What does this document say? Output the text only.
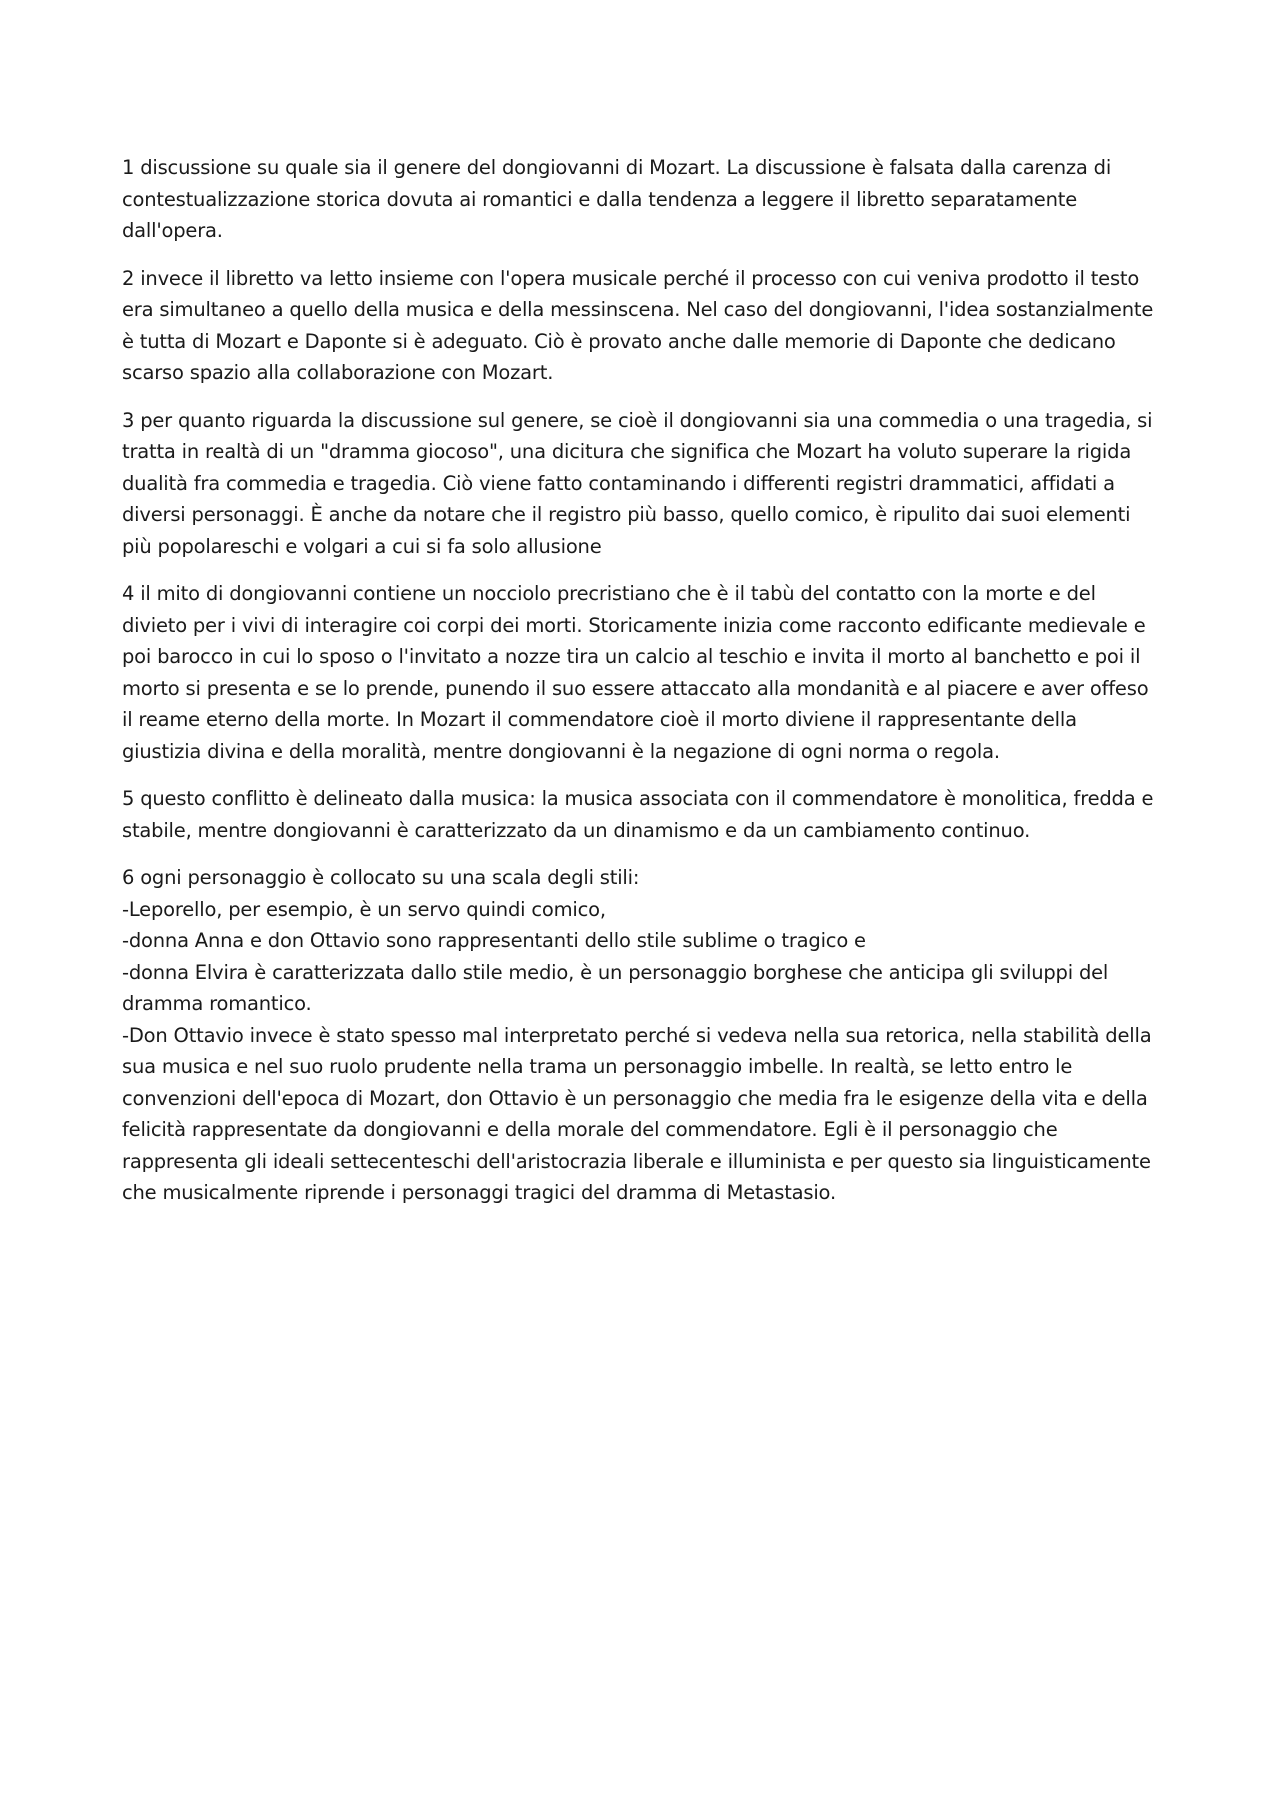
1 discussione su quale sia il genere del dongiovanni di Mozart. La discussione è falsata dalla carenza di
contestualizzazione storica dovuta ai romantici e dalla tendenza a leggere il libretto separatamente
dall'opera.

2 invece il libretto va letto insieme con l'opera musicale perché il processo con cui veniva prodotto il testo
era simultaneo a quello della musica e della messinscena. Nel caso del dongiovanni, l'idea sostanzialmente
è tutta di Mozart e Daponte si è adeguato. Ciò è provato anche dalle memorie di Daponte che dedicano
scarso spazio alla collaborazione con Mozart.

3 per quanto riguarda la discussione sul genere, se cioè il dongiovanni sia una commedia o una tragedia, si
tratta in realtà di un "dramma giocoso", una dicitura che significa che Mozart ha voluto superare la rigida
dualità fra commedia e tragedia. Ciò viene fatto contaminando i differenti registri drammatici, affidati a
diversi personaggi. È anche da notare che il registro più basso, quello comico, è ripulito dai suoi elementi
più popolareschi e volgari a cui si fa solo allusione

4 il mito di dongiovanni contiene un nocciolo precristiano che è il tabù del contatto con la morte e del
divieto per i vivi di interagire coi corpi dei morti. Storicamente inizia come racconto edificante medievale e
poi barocco in cui lo sposo o l'invitato a nozze tira un calcio al teschio e invita il morto al banchetto e poi il
morto si presenta e se lo prende, punendo il suo essere attaccato alla mondanità e al piacere e aver offeso
il reame eterno della morte. In Mozart il commendatore cioè il morto diviene il rappresentante della
giustizia divina e della moralità, mentre dongiovanni è la negazione di ogni norma o regola.

5 questo conflitto è delineato dalla musica: la musica associata con il commendatore è monolitica, fredda e
stabile, mentre dongiovanni è caratterizzato da un dinamismo e da un cambiamento continuo.

6 ogni personaggio è collocato su una scala degli stili:
-Leporello, per esempio, è un servo quindi comico,
-donna Anna e don Ottavio sono rappresentanti dello stile sublime o tragico e
-donna Elvira è caratterizzata dallo stile medio, è un personaggio borghese che anticipa gli sviluppi del
dramma romantico.
-Don Ottavio invece è stato spesso mal interpretato perché si vedeva nella sua retorica, nella stabilità della
sua musica e nel suo ruolo prudente nella trama un personaggio imbelle. In realtà, se letto entro le
convenzioni dell'epoca di Mozart, don Ottavio è un personaggio che media fra le esigenze della vita e della
felicità rappresentate da dongiovanni e della morale del commendatore. Egli è il personaggio che
rappresenta gli ideali settecenteschi dell'aristocrazia liberale e illuminista e per questo sia linguisticamente
che musicalmente riprende i personaggi tragici del dramma di Metastasio.
